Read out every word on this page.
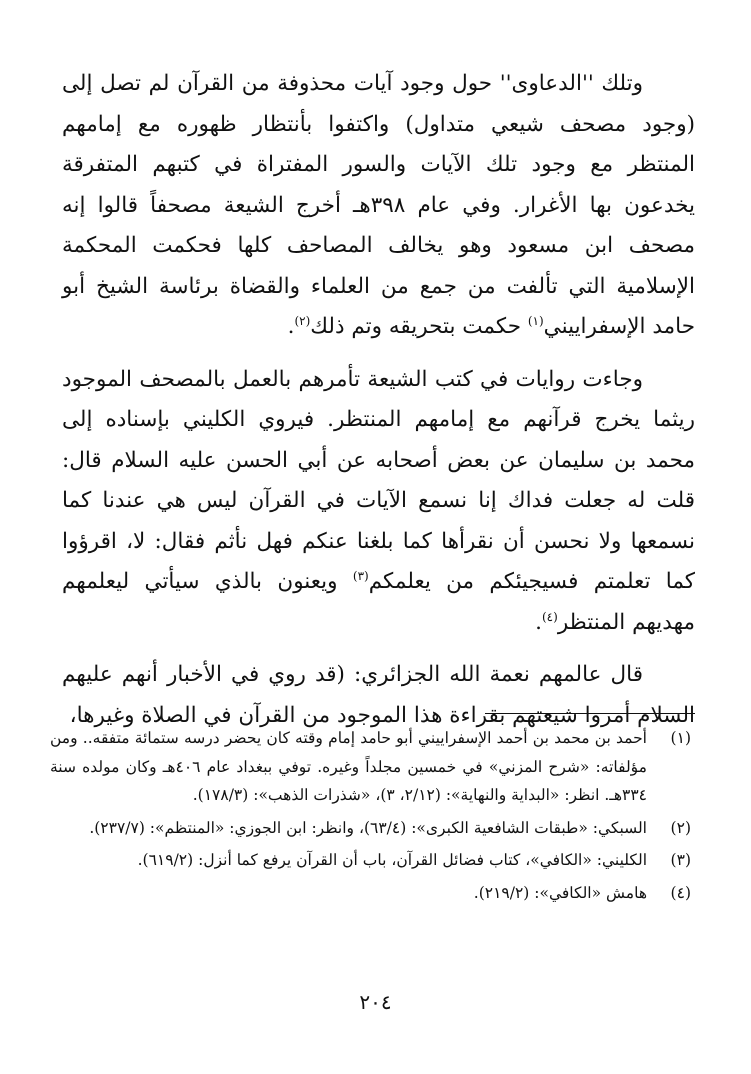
وتلك ''الدعاوى'' حول وجود آيات محذوفة من القرآن لم تصل إلى (وجود مصحف شيعي متداول) واكتفوا بأنتظار ظهوره مع إمامهم المنتظر مع وجود تلك الآيات والسور المفتراة في كتبهم المتفرقة يخدعون بها الأغرار. وفي عام ٣٩٨هـ أخرج الشيعة مصحفاً قالوا إنه مصحف ابن مسعود وهو يخالف المصاحف كلها فحكمت المحكمة الإسلامية التي تألفت من جمع من العلماء والقضاة برئاسة الشيخ أبو حامد الإسفراييني$^{(١)}$ حكمت بتحريقه وتم ذلك$^{(٢)}$.

وجاءت روايات في كتب الشيعة تأمرهم بالعمل بالمصحف الموجود ريثما يخرج قرآنهم مع إمامهم المنتظر. فيروي الكليني بإسناده إلى محمد بن سليمان عن بعض أصحابه عن أبي الحسن عليه السلام قال: قلت له جعلت فداك إنا نسمع الآيات في القرآن ليس هي عندنا كما نسمعها ولا نحسن أن نقرأها كما بلغنا عنكم فهل نأثم فقال: لا، اقرؤوا كما تعلمتم فسيجيئكم من يعلمكم$^{(٣)}$ ويعنون بالذي سيأتي ليعلمهم مهديهم المنتظر$^{(٤)}$.

قال عالمهم نعمة الله الجزائري: (قد روي في الأخبار أنهم عليهم السلام أمروا شيعتهم بقراءة هذا الموجود من القرآن في الصلاة وغيرها،

(١)
أحمد بن محمد بن أحمد الإسفراييني أبو حامد إمام وقته كان يحضر درسه ستمائة متفقه.. ومن مؤلفاته: «شرح المزني» في خمسين مجلداً وغيره. توفي ببغداد عام ٤٠٦هـ وكان مولده سنة ٣٣٤هـ. انظر: «البداية والنهاية»: (٢/١٢، ٣)، «شذرات الذهب»: (١٧٨/٣).
(٢)
السبكي: «طبقات الشافعية الكبرى»: (٦٣/٤)، وانظر: ابن الجوزي: «المنتظم»: (٢٣٧/٧).
(٣)
الكليني: «الكافي»، كتاب فضائل القرآن، باب أن القرآن يرفع كما أنزل: (٦١٩/٢).
(٤)
هامش «الكافي»: (٢١٩/٢).
٢٠٤
